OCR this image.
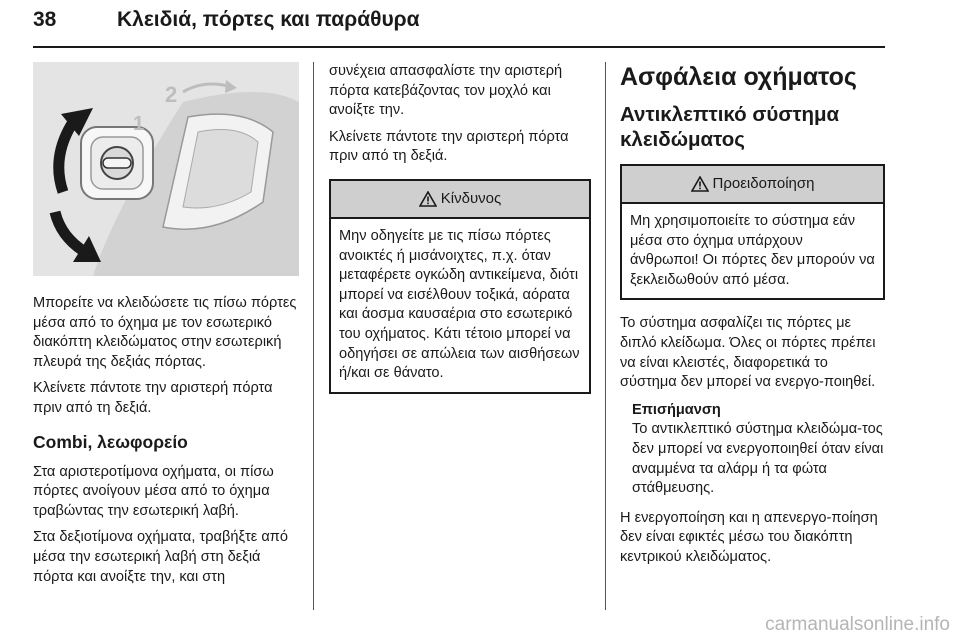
38	Κλειδιά, πόρτες και παράθυρα
1
2

Μπορείτε να κλειδώσετε τις πίσω πόρτες μέσα από το όχημα με τον εσωτερικό διακόπτη κλειδώματος στην εσωτερική πλευρά της δεξιάς πόρτας.

Κλείνετε πάντοτε την αριστερή πόρτα πριν από τη δεξιά.

Combi, λεωφορείο

Στα αριστεροτίμονα οχήματα, οι πίσω πόρτες ανοίγουν μέσα από το όχημα τραβώντας την εσωτερική λαβή.

Στα δεξιοτίμονα οχήματα, τραβήξτε από μέσα την εσωτερική λαβή στη δεξιά πόρτα και ανοίξτε την, και στη

συνέχεια απασφαλίστε την αριστερή πόρτα κατεβάζοντας τον μοχλό και ανοίξτε την.

Κλείνετε πάντοτε την αριστερή πόρτα πριν από τη δεξιά.

Κίνδυνος

Μην οδηγείτε με τις πίσω πόρτες ανοικτές ή μισάνοιχτες, π.χ. όταν μεταφέρετε ογκώδη αντικείμενα, διότι μπορεί να εισέλθουν τοξικά, αόρατα και άοσμα καυσαέρια στο εσωτερικό του οχήματος. Κάτι τέτοιο μπορεί να οδηγήσει σε απώλεια των αισθήσεων ή/και σε θάνατο.

Ασφάλεια οχήματος
Αντικλεπτικό σύστημα κλειδώματος
Προειδοποίηση

Μη χρησιμοποιείτε το σύστημα εάν μέσα στο όχημα υπάρχουν άνθρωποι! Οι πόρτες δεν μπορούν να ξεκλειδωθούν από μέσα.

Το σύστημα ασφαλίζει τις πόρτες με διπλό κλείδωμα. Όλες οι πόρτες πρέπει να είναι κλειστές, διαφορετικά το σύστημα δεν μπορεί να ενεργο‐ποιηθεί.

Επισήμανση
Το αντικλεπτικό σύστημα κλειδώμα‐τος δεν μπορεί να ενεργοποιηθεί όταν είναι αναμμένα τα αλάρμ ή τα φώτα στάθμευσης.

Η ενεργοποίηση και η απενεργο‐ποίηση δεν είναι εφικτές μέσω του διακόπτη κεντρικού κλειδώματος.

carmanualsonline.info
